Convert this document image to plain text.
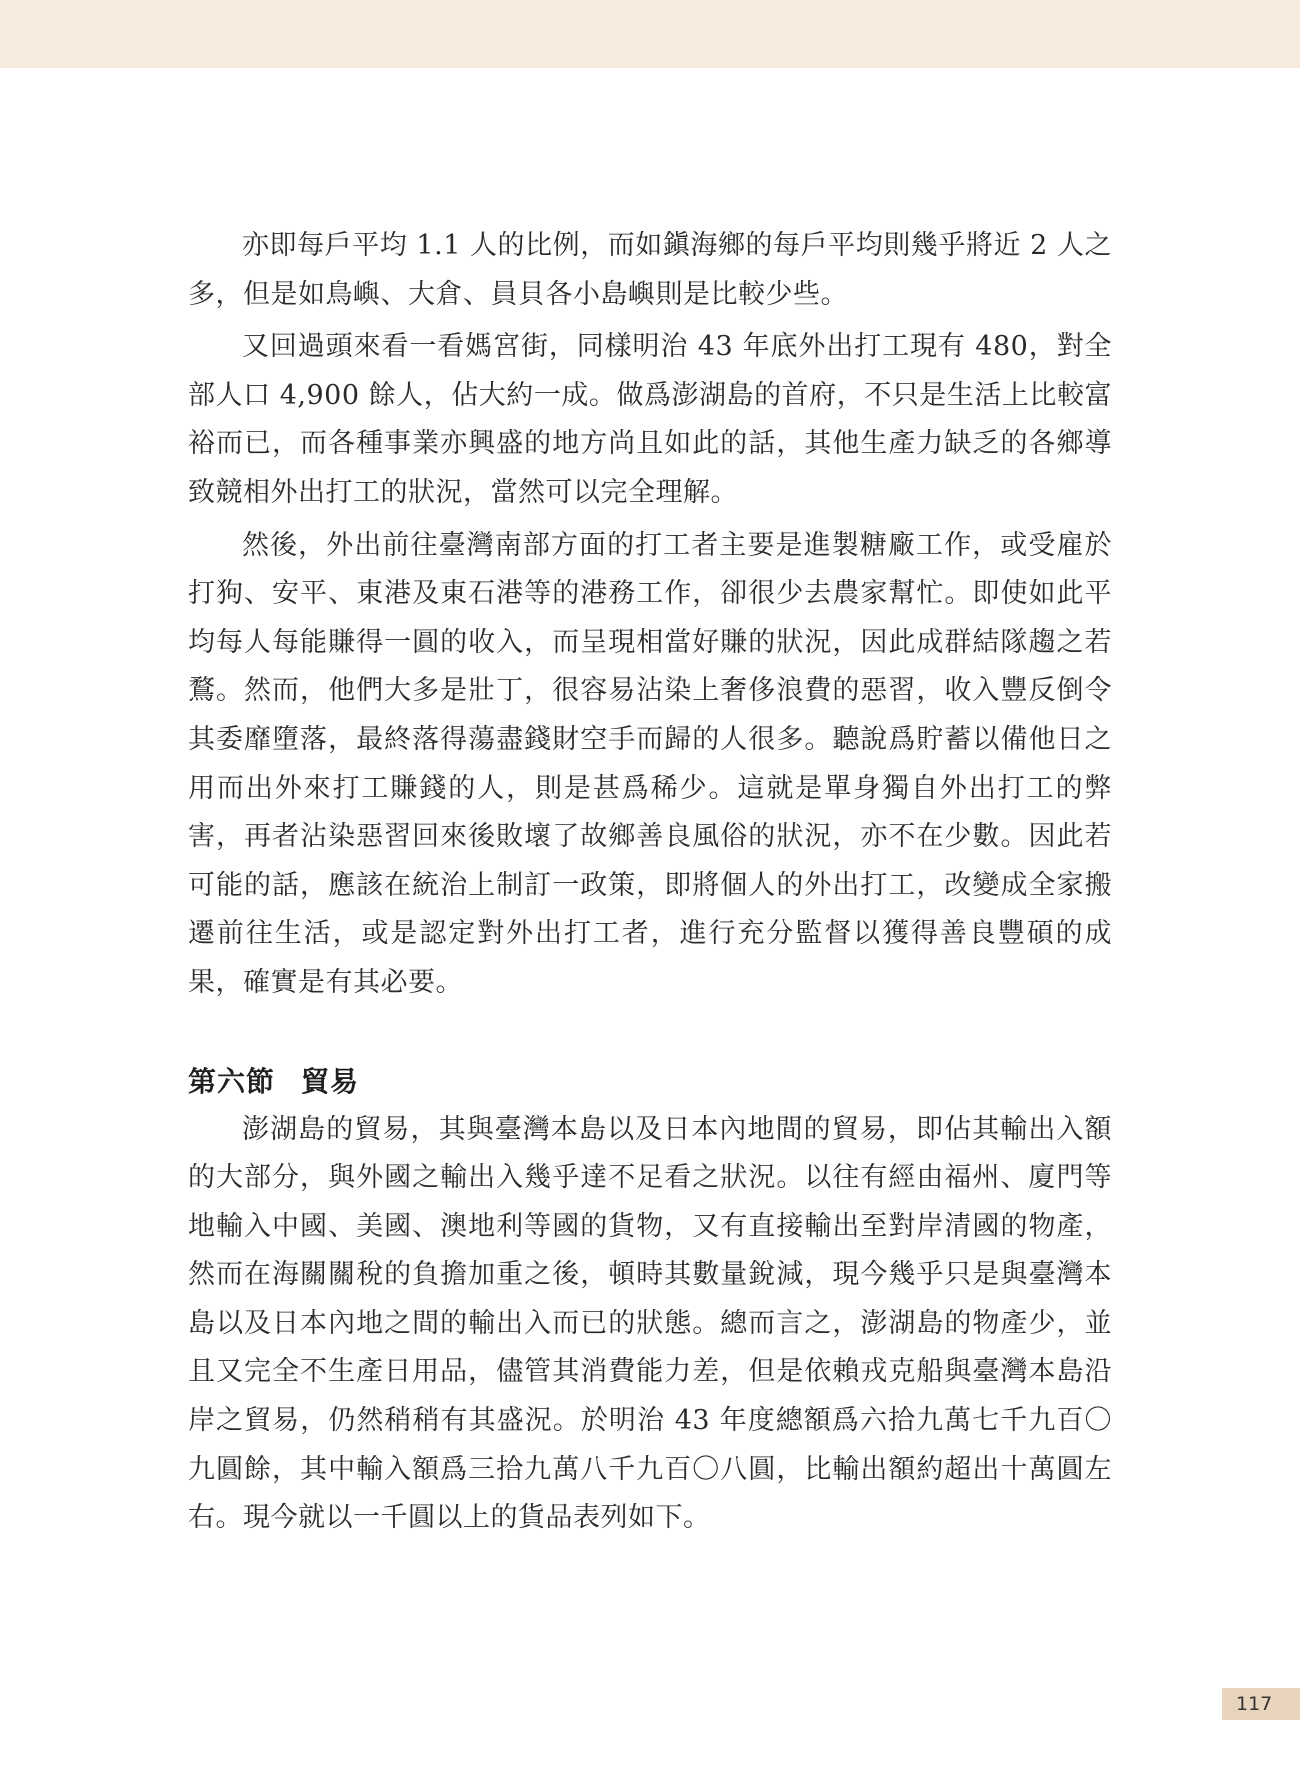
亦即每戶平均 1.1 人的比例，而如鎭海鄉的每戶平均則幾乎將近 2 人之多，但是如鳥嶼、大倉、員貝各小島嶼則是比較少些。

又回過頭來看一看媽宮街，同樣明治 43 年底外出打工現有 480，對全部人口 4,900 餘人，佔大約一成。做爲澎湖島的首府，不只是生活上比較富裕而已，而各種事業亦興盛的地方尚且如此的話，其他生產力缺乏的各鄉導致競相外出打工的狀況，當然可以完全理解。

然後，外出前往臺灣南部方面的打工者主要是進製糖廠工作，或受雇於打狗、安平、東港及東石港等的港務工作，卻很少去農家幫忙。即使如此平均每人每能賺得一圓的收入，而呈現相當好賺的狀況，因此成群結隊趨之若鶩。然而，他們大多是壯丁，很容易沾染上奢侈浪費的惡習，收入豐反倒令其委靡墮落，最終落得蕩盡錢財空手而歸的人很多。聽說爲貯蓄以備他日之用而出外來打工賺錢的人，則是甚爲稀少。這就是單身獨自外出打工的弊害，再者沾染惡習回來後敗壞了故鄉善良風俗的狀況，亦不在少數。因此若可能的話，應該在統治上制訂一政策，即將個人的外出打工，改變成全家搬遷前往生活，或是認定對外出打工者，進行充分監督以獲得善良豐碩的成果，確實是有其必要。

第六節 貿易

澎湖島的貿易，其與臺灣本島以及日本內地間的貿易，即佔其輸出入額的大部分，與外國之輸出入幾乎達不足看之狀況。以往有經由福州、廈門等地輸入中國、美國、澳地利等國的貨物，又有直接輸出至對岸清國的物產，然而在海關關稅的負擔加重之後，頓時其數量銳減，現今幾乎只是與臺灣本島以及日本內地之間的輸出入而已的狀態。總而言之，澎湖島的物產少，並且又完全不生產日用品，儘管其消費能力差，但是依賴戎克船與臺灣本島沿岸之貿易，仍然稍稍有其盛況。於明治 43 年度總額爲六拾九萬七千九百〇九圓餘，其中輸入額爲三拾九萬八千九百〇八圓，比輸出額約超出十萬圓左右。現今就以一千圓以上的貨品表列如下。

117
